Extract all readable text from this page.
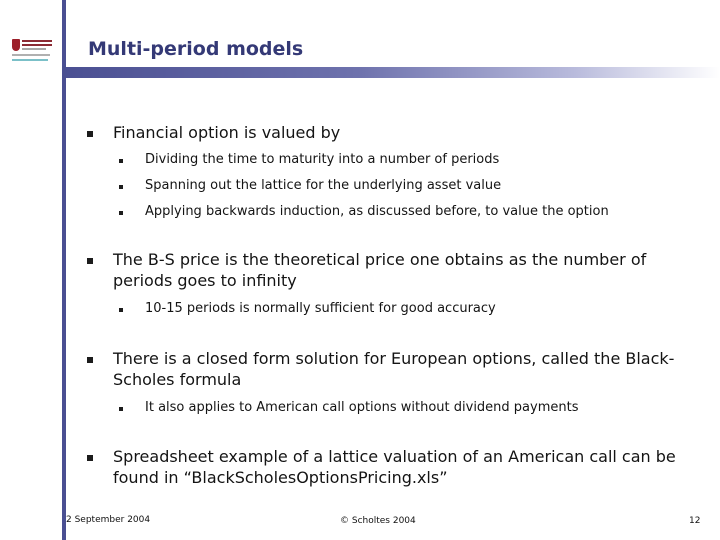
Multi-period models
Financial option is valued by
Dividing the time to maturity into a number of periods
Spanning out the lattice for the underlying asset value
Applying backwards induction, as discussed before, to value the option
The B-S price is the theoretical price one obtains as the number of
periods goes to infinity
10-15 periods is normally sufficient for good accuracy
There is a closed form solution for European options, called the Black-
Scholes formula
It also applies to American call options without dividend payments
Spreadsheet example of a lattice valuation of an American call can be
found in “BlackScholesOptionsPricing.xls”
2 September 2004	© Scholtes 2004	12
